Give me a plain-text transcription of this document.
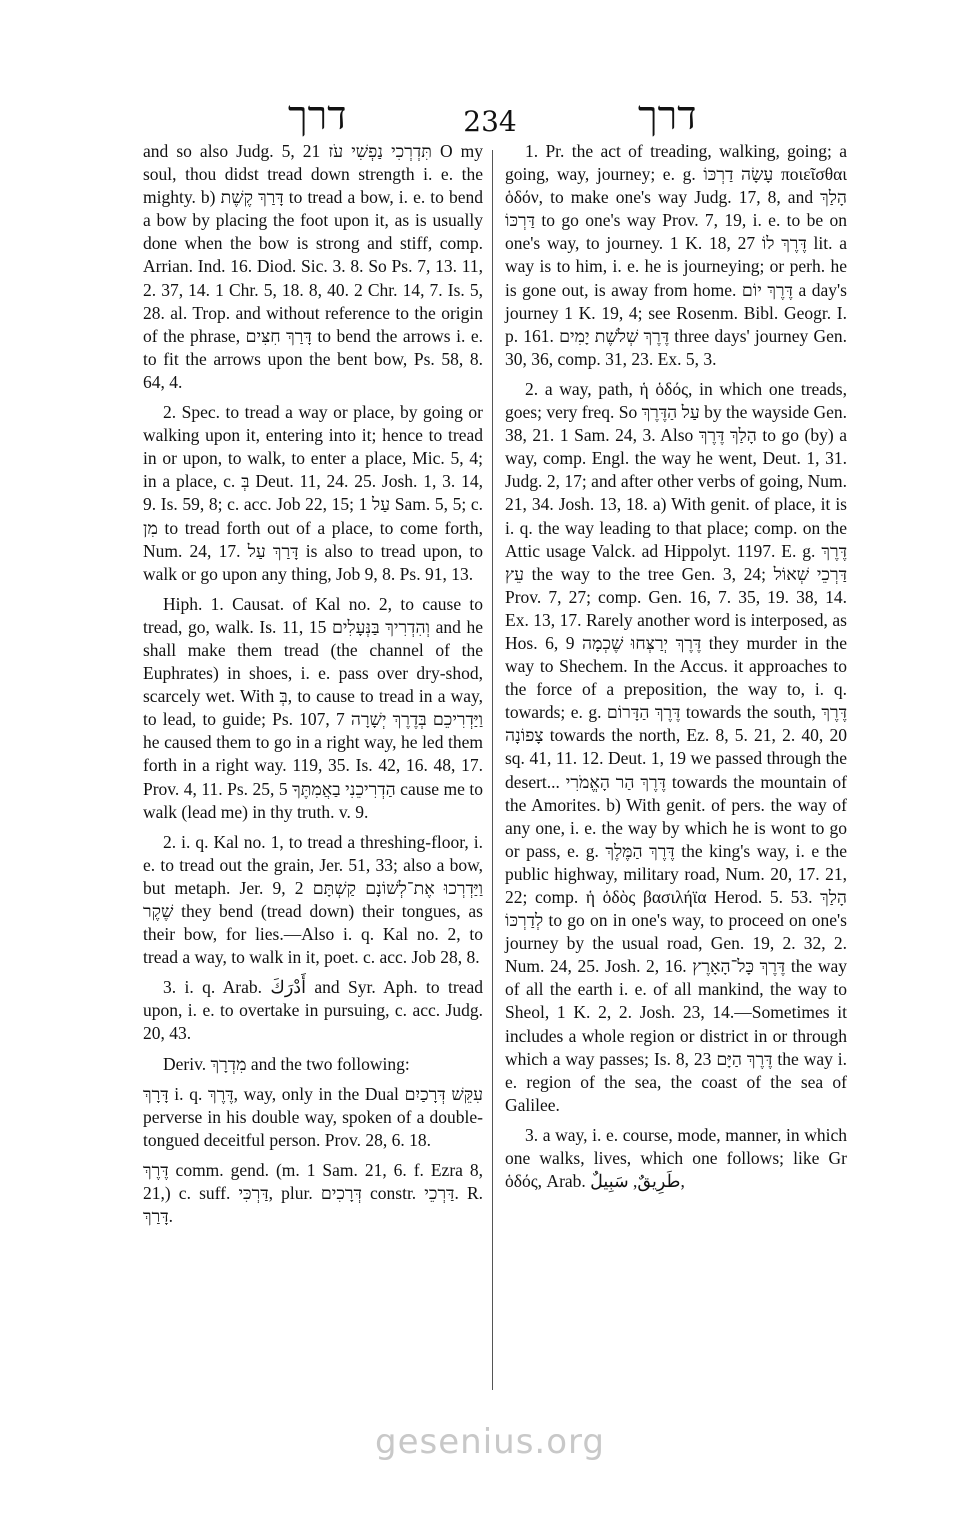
דרך	234	דרך

and so also Judg. 5, 21 תִּדְרְכִי נַפְשִׁי עֹז O my soul, thou didst tread down strength i. e. the mighty. b) דָּרַךְ קֶשֶׁת to tread a bow, i. e. to bend a bow by placing the foot upon it, as is usually done when the bow is strong and stiff, comp. Arrian. Ind. 16. Diod. Sic. 3. 8. So Ps. 7, 13. 11, 2. 37, 14. 1 Chr. 5, 18. 8, 40. 2 Chr. 14, 7. Is. 5, 28. al. Trop. and without reference to the origin of the phrase, דָּרַךְ חִצִּים to bend the arrows i. e. to fit the arrows upon the bent bow, Ps. 58, 8. 64, 4.

2. Spec. to tread a way or place, by going or walking upon it, entering into it; hence to tread in or upon, to walk, to enter a place, Mic. 5, 4; in a place, c. בְּ Deut. 11, 24. 25. Josh. 1, 3. 14, 9. Is. 59, 8; c. acc. Job 22, 15; עַל 1 Sam. 5, 5; c. מִן to tread forth out of a place, to come forth, Num. 24, 17. דָּרַךְ עַל is also to tread upon, to walk or go upon any thing, Job 9, 8. Ps. 91, 13.

Hiph. 1. Causat. of Kal no. 2, to cause to tread, go, walk. Is. 11, 15 וְהִדְרִיךְ בַּנְּעָלִים and he shall make them tread (the channel of the Euphrates) in shoes, i. e. pass over dry-shod, scarcely wet. With בְּ, to cause to tread in a way, to lead, to guide; Ps. 107, 7 וַיַּדְרִיכֵם בְּדֶרֶךְ יְשָׁרָה he caused them to go in a right way, he led them forth in a right way. 119, 35. Is. 42, 16. 48, 17. Prov. 4, 11. Ps. 25, 5 הַדְרִיכֵנִי בַאֲמִתֶּךָ cause me to walk (lead me) in thy truth. v. 9.

2. i. q. Kal no. 1, to tread a threshing-floor, i. e. to tread out the grain, Jer. 51, 33; also a bow, but metaph. Jer. 9, 2 וַיַּדְרְכוּ אֶת־לְשׁוֹנָם קַשְׁתָּם שֶׁקֶר they bend (tread down) their tongues, as their bow, for lies.—Also i. q. Kal no. 2, to tread a way, to walk in it, poet. c. acc. Job 28, 8.

3. i. q. Arab. أَدْرَكَ and Syr. Aph. to tread upon, i. e. to overtake in pursuing, c. acc. Judg. 20, 43.

Deriv. מִדְרָךְ and the two following:

דָּרָךְ i. q. דֶּרֶךְ, way, only in the Dual עִקֵּשׁ דְּרָכַיִם perverse in his double way, spoken of a double-tongued deceitful person. Prov. 28, 6. 18.

דֶּרֶךְ comm. gend. (m. 1 Sam. 21, 6. f. Ezra 8, 21,) c. suff. דַּרְכִּי, plur. דְּרָכִים constr. דַּרְכֵי. R. דָּרַךְ.

1. Pr. the act of treading, walking, going; a going, way, journey; e. g. עָשָׂה דַרְכּוֹ ποιεῖσθαι ὁδόν, to make one's way Judg. 17, 8, and הָלַךְ דַּרְכּוֹ to go one's way Prov. 7, 19, i. e. to be on one's way, to journey. 1 K. 18, 27 דֶּרֶךְ לוֹ lit. a way is to him, i. e. he is journeying; or perh. he is gone out, is away from home. דֶּרֶךְ יוֹם a day's journey 1 K. 19, 4; see Rosenm. Bibl. Geogr. I. p. 161. דֶּרֶךְ שְׁלֹשֶׁת יָמִים three days' journey Gen. 30, 36, comp. 31, 23. Ex. 5, 3.

2. a way, path, ἡ ὁδός, in which one treads, goes; very freq. So עַל הַדֶּרֶךְ by the wayside Gen. 38, 21. 1 Sam. 24, 3. Also הָלַךְ דֶּרֶךְ to go (by) a way, comp. Engl. the way he went, Deut. 1, 31. Judg. 2, 17; and after other verbs of going, Num. 21, 34. Josh. 13, 18. a) With genit. of place, it is i. q. the way leading to that place; comp. on the Attic usage Valck. ad Hippolyt. 1197. E. g. דֶּרֶךְ עֵץ the way to the tree Gen. 3, 24; דַּרְכֵי שְׁאוֹל Prov. 7, 27; comp. Gen. 16, 7. 35, 19. 38, 14. Ex. 13, 17. Rarely another word is interposed, as Hos. 6, 9 דֶּרֶךְ יְרַצְּחוּ שֶׁכְמָה they murder in the way to Shechem. In the Accus. it approaches to the force of a preposition, the way to, i. q. towards; e. g. דֶּרֶךְ הַדָּרוֹם towards the south, דֶּרֶךְ צָפוֹנָה towards the north, Ez. 8, 5. 21, 2. 40, 20 sq. 41, 11. 12. Deut. 1, 19 we passed through the desert... דֶּרֶךְ הַר הָאֱמֹרִי towards the mountain of the Amorites. b) With genit. of pers. the way of any one, i. e. the way by which he is wont to go or pass, e. g. דֶּרֶךְ הַמֶּלֶךְ the king's way, i. e the public highway, military road, Num. 20, 17. 21, 22; comp. ἡ ὁδὸς βασιλήϊα Herod. 5. 53. הָלַךְ לְדַרְכּוֹ to go on in one's way, to proceed on one's journey by the usual road, Gen. 19, 2. 32, 2. Num. 24, 25. Josh. 2, 16. דֶּרֶךְ כָּל־הָאָרֶץ the way of all the earth i. e. of all mankind, the way to Sheol, 1 K. 2, 2. Josh. 23, 14.—Sometimes it includes a whole region or district in or through which a way passes; Is. 8, 23 דֶּרֶךְ הַיָּם the way i. e. region of the sea, the coast of the sea of Galilee.

3. a way, i. e. course, mode, manner, in which one walks, lives, which one follows; like Gr ὁδός, Arab. طَرِيقٌ, سَبِيلٌ,

gesenius.org
